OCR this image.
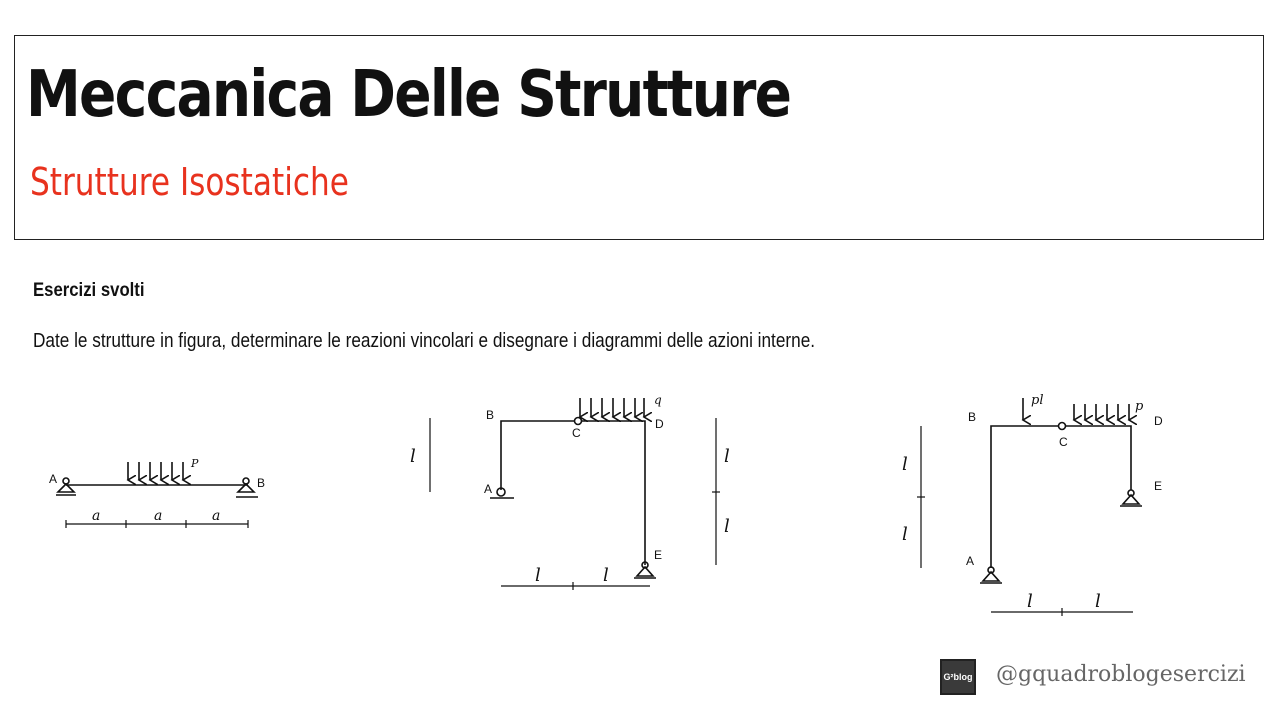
Meccanica Delle Strutture
Strutture Isostatiche
Esercizi svolti
Date le strutture in figura, determinare le reazioni vincolari e disegnare i diagrammi delle azioni interne.
A	B
P
a	a	a
B
C
D
A
E
q
l	l
l
l	l
B
C
D
A
E
pl	p
l
l
l	l
G²blog @gquadroblogesercizi
